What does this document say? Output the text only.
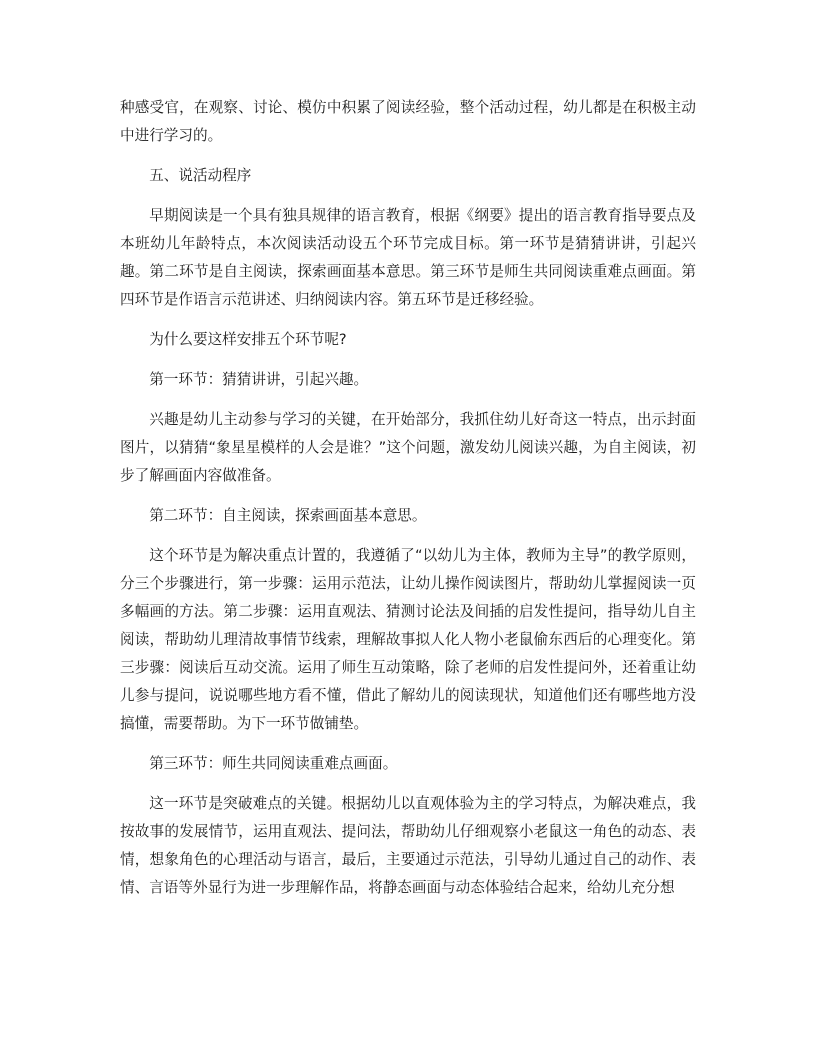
种感受官，在观察、讨论、模仿中积累了阅读经验，整个活动过程，幼儿都是在积极主动中进行学习的。

五、说活动程序

早期阅读是一个具有独具规律的语言教育，根据《纲要》提出的语言教育指导要点及本班幼儿年龄特点，本次阅读活动设五个环节完成目标。第一环节是猜猜讲讲，引起兴趣。第二环节是自主阅读，探索画面基本意思。第三环节是师生共同阅读重难点画面。第四环节是作语言示范讲述、归纳阅读内容。第五环节是迁移经验。

为什么要这样安排五个环节呢?

第一环节：猜猜讲讲，引起兴趣。

兴趣是幼儿主动参与学习的关键，在开始部分，我抓住幼儿好奇这一特点，出示封面图片，以猜猜“象星星模样的人会是谁？”这个问题，激发幼儿阅读兴趣，为自主阅读，初步了解画面内容做准备。

第二环节：自主阅读，探索画面基本意思。

这个环节是为解决重点计置的，我遵循了“以幼儿为主体，教师为主导”的教学原则，分三个步骤进行，第一步骤：运用示范法，让幼儿操作阅读图片，帮助幼儿掌握阅读一页多幅画的方法。第二步骤：运用直观法、猜测讨论法及间插的启发性提问，指导幼儿自主阅读，帮助幼儿理清故事情节线索，理解故事拟人化人物小老鼠偷东西后的心理变化。第三步骤：阅读后互动交流。运用了师生互动策略，除了老师的启发性提问外，还着重让幼儿参与提问，说说哪些地方看不懂，借此了解幼儿的阅读现状，知道他们还有哪些地方没搞懂，需要帮助。为下一环节做铺垫。

第三环节：师生共同阅读重难点画面。

这一环节是突破难点的关键。根据幼儿以直观体验为主的学习特点，为解决难点，我按故事的发展情节，运用直观法、提问法，帮助幼儿仔细观察小老鼠这一角色的动态、表情，想象角色的心理活动与语言，最后，主要通过示范法，引导幼儿通过自己的动作、表情、言语等外显行为进一步理解作品，将静态画面与动态体验结合起来，给幼儿充分想
